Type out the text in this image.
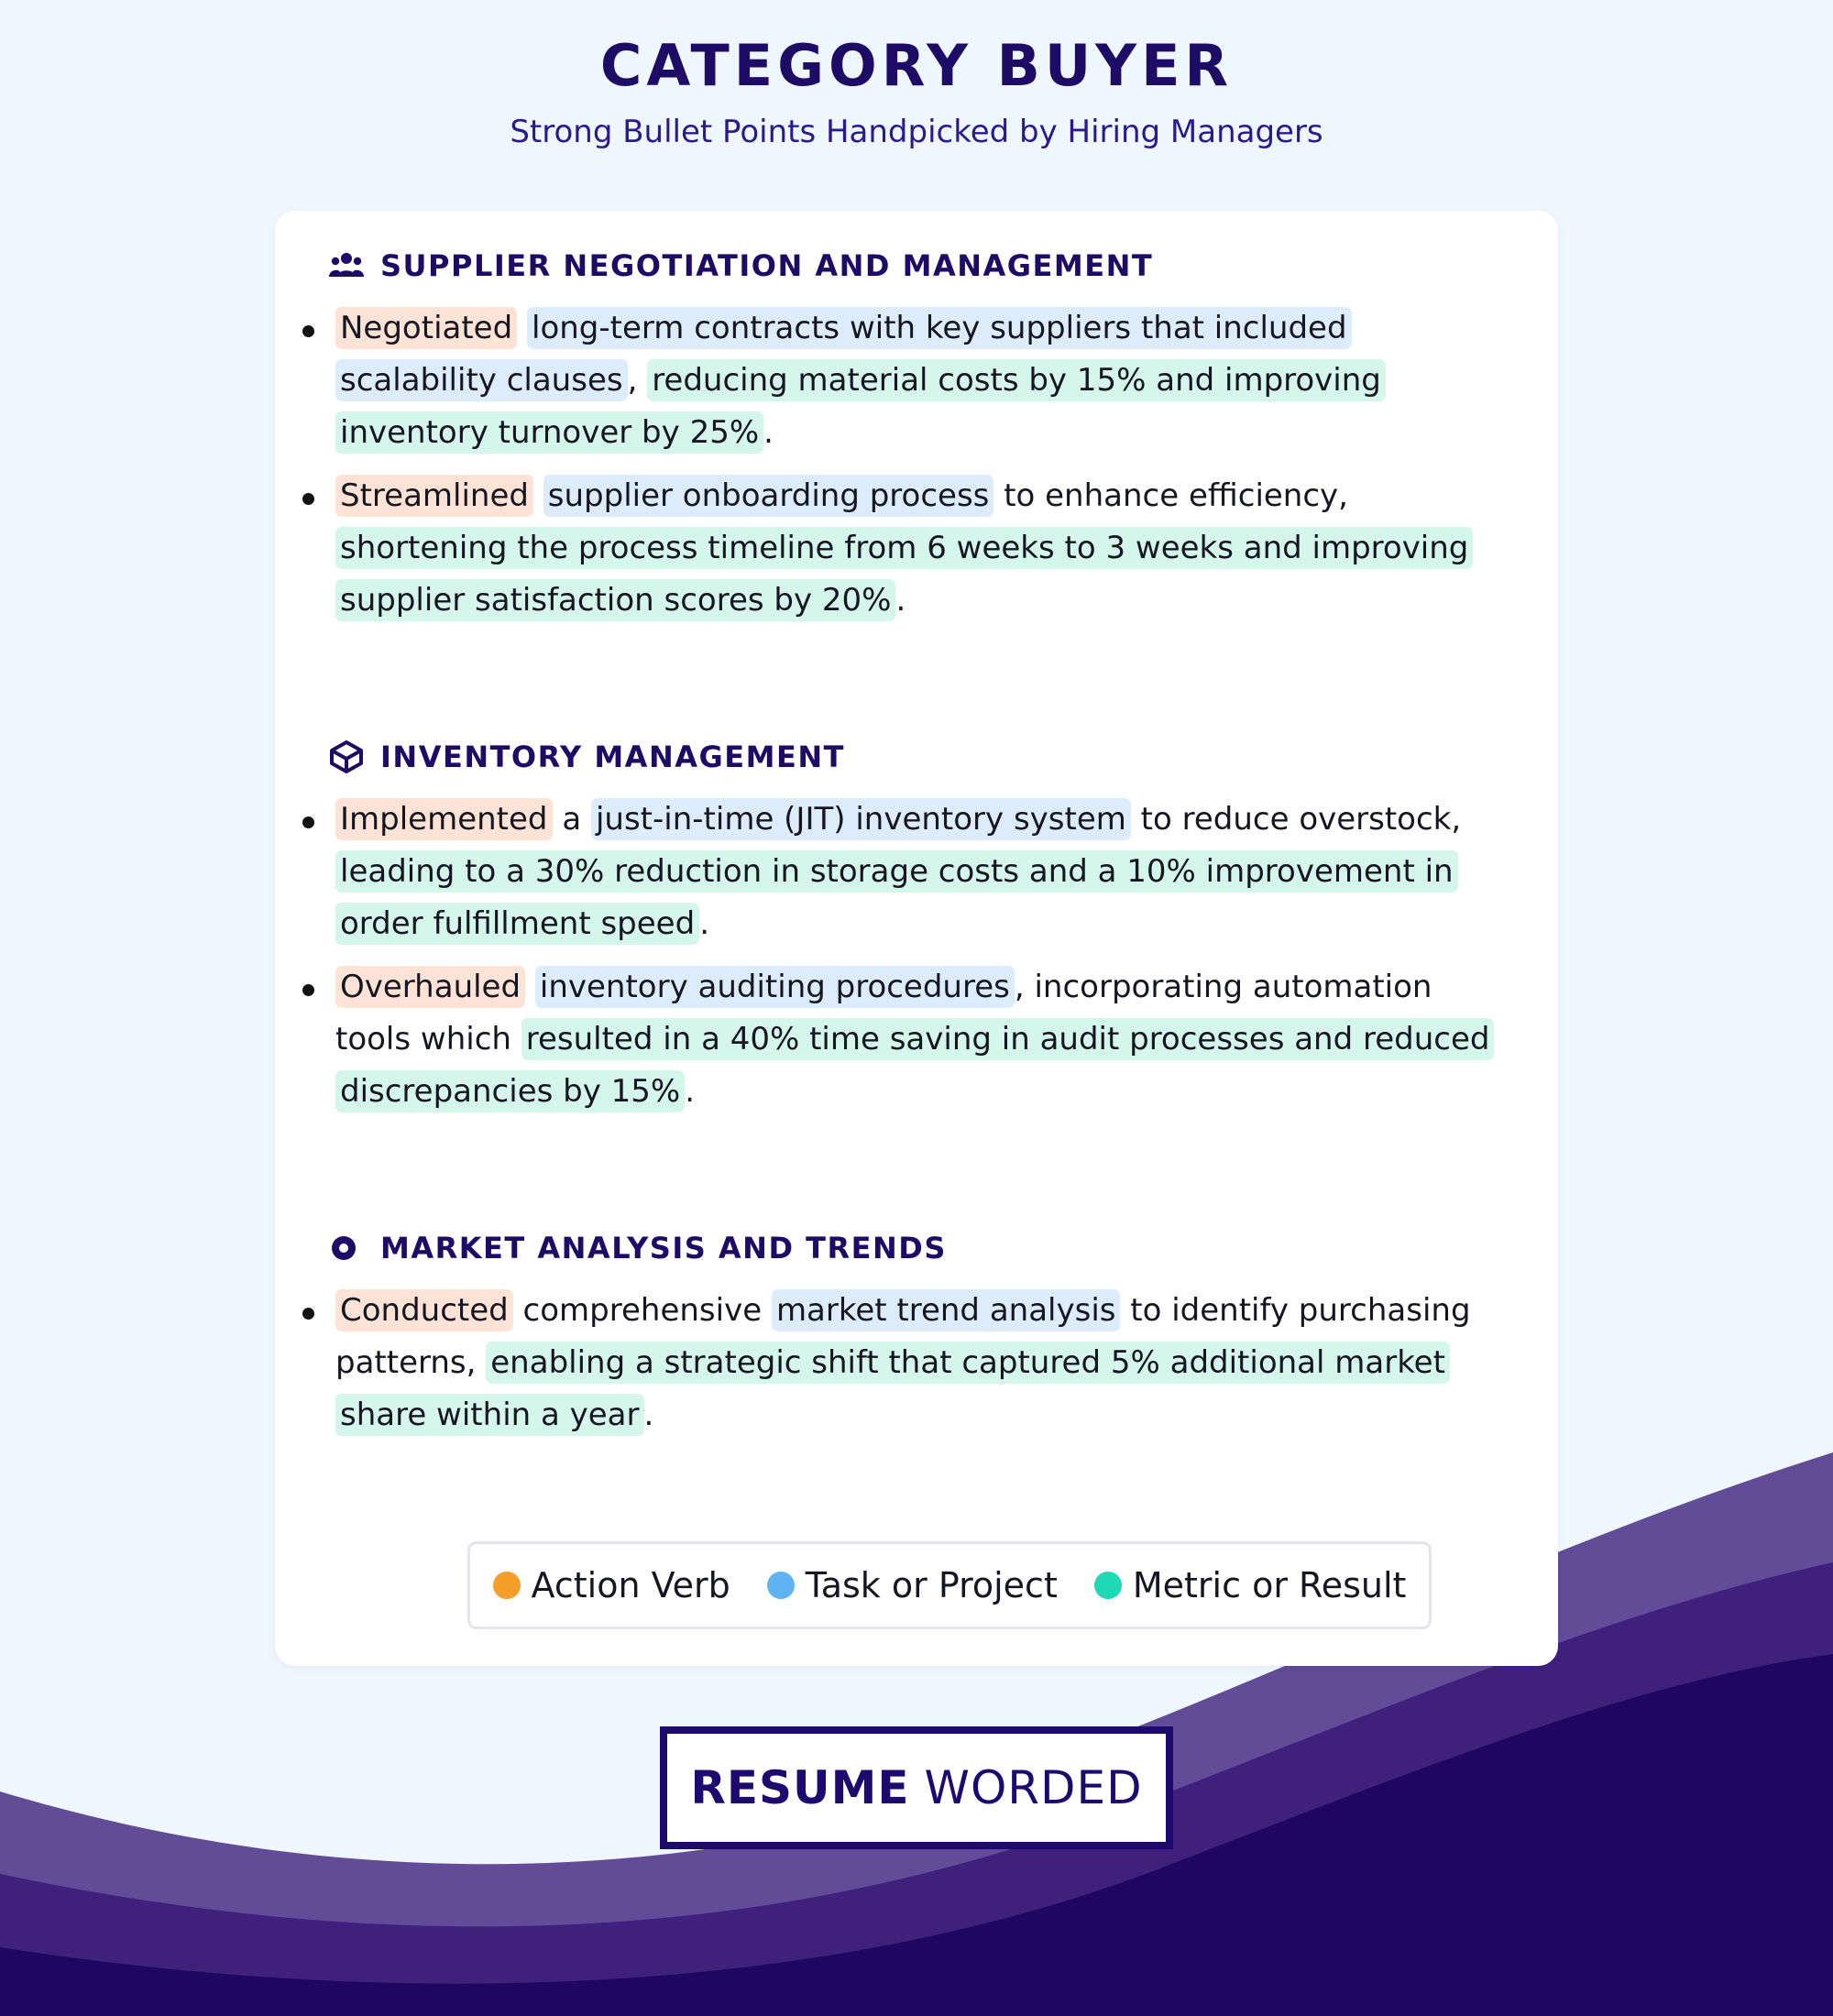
CATEGORY BUYER
Strong Bullet Points Handpicked by Hiring Managers
SUPPLIER NEGOTIATION AND MANAGEMENT
Negotiated long-term contracts with key suppliers that included scalability clauses , reducing material costs by 15% and improving inventory turnover by 25% .
Streamlined supplier onboarding process to enhance efficiency, shortening the process timeline from 6 weeks to 3 weeks and improving supplier satisfaction scores by 20% .
INVENTORY MANAGEMENT
Implemented a just-in-time (JIT) inventory system to reduce overstock, leading to a 30% reduction in storage costs and a 10% improvement in order fulfillment speed .
Overhauled inventory auditing procedures , incorporating automation tools which resulted in a 40% time saving in audit processes and reduced discrepancies by 15% .
MARKET ANALYSIS AND TRENDS
Conducted comprehensive market trend analysis to identify purchasing patterns, enabling a strategic shift that captured 5% additional market share within a year .
Action Verb Task or Project Metric or Result
RESUME WORDED
